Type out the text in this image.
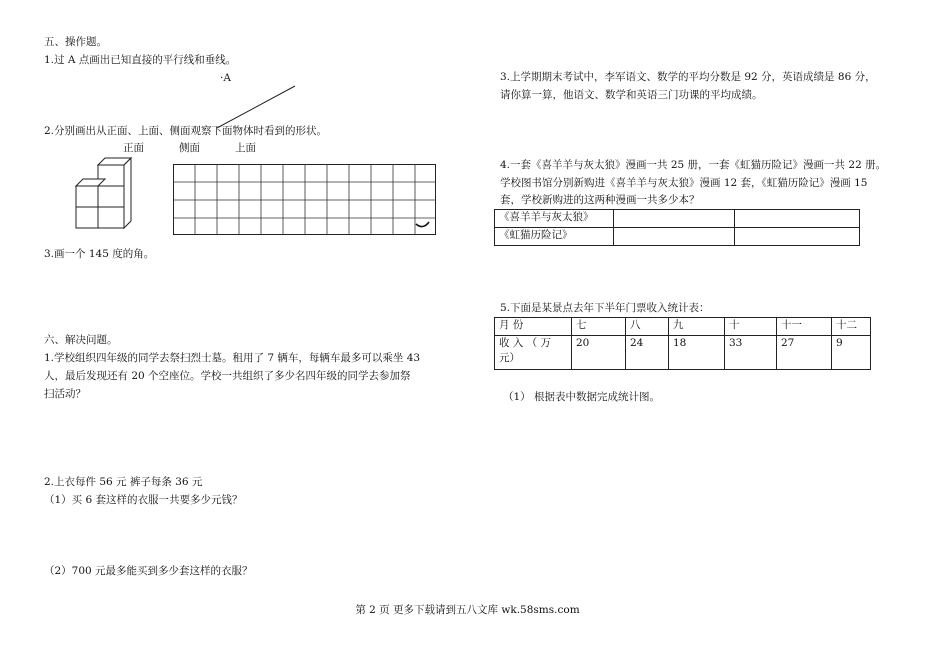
五、操作题。
1.过 A 点画出已知直接的平行线和垂线。
·A
2.分别画出从正面、上面、侧面观察下面物体时看到的形状。
正面	侧面	上面
3.画一个 145 度的角。
六、解决问题。
1.学校组织四年级的同学去祭扫烈士墓。租用了 7 辆车，每辆车最多可以乘坐 43
人，最后发现还有 20 个空座位。学校一共组织了多少名四年级的同学去参加祭
扫活动？
2.上衣每件 56 元 裤子每条 36 元
（1）买 6 套这样的衣服一共要多少元钱？
（2）700 元最多能买到多少套这样的衣服？
3.上学期期末考试中，李军语文、数学的平均分数是 92 分，英语成绩是 86 分，
请你算一算，他语文、数学和英语三门功课的平均成绩。
4.一套《喜羊羊与灰太狼》漫画一共 25 册，一套《虹猫历险记》漫画一共 22 册。
学校图书馆分别新购进《喜羊羊与灰太狼》漫画 12 套，《虹猫历险记》漫画 15
套，学校新购进的这两种漫画一共多少本？
《喜羊羊与灰太狼》		
《虹猫历险记》		
5.下面是某景点去年下半年门票收入统计表：
月 份	七	八	九	十	十一	十二

收 入 （ 万
元）	20	24	18	33	27	9
（1） 根据表中数据完成统计图。
第 2 页 更多下载请到五八文库 wk.58sms.com
